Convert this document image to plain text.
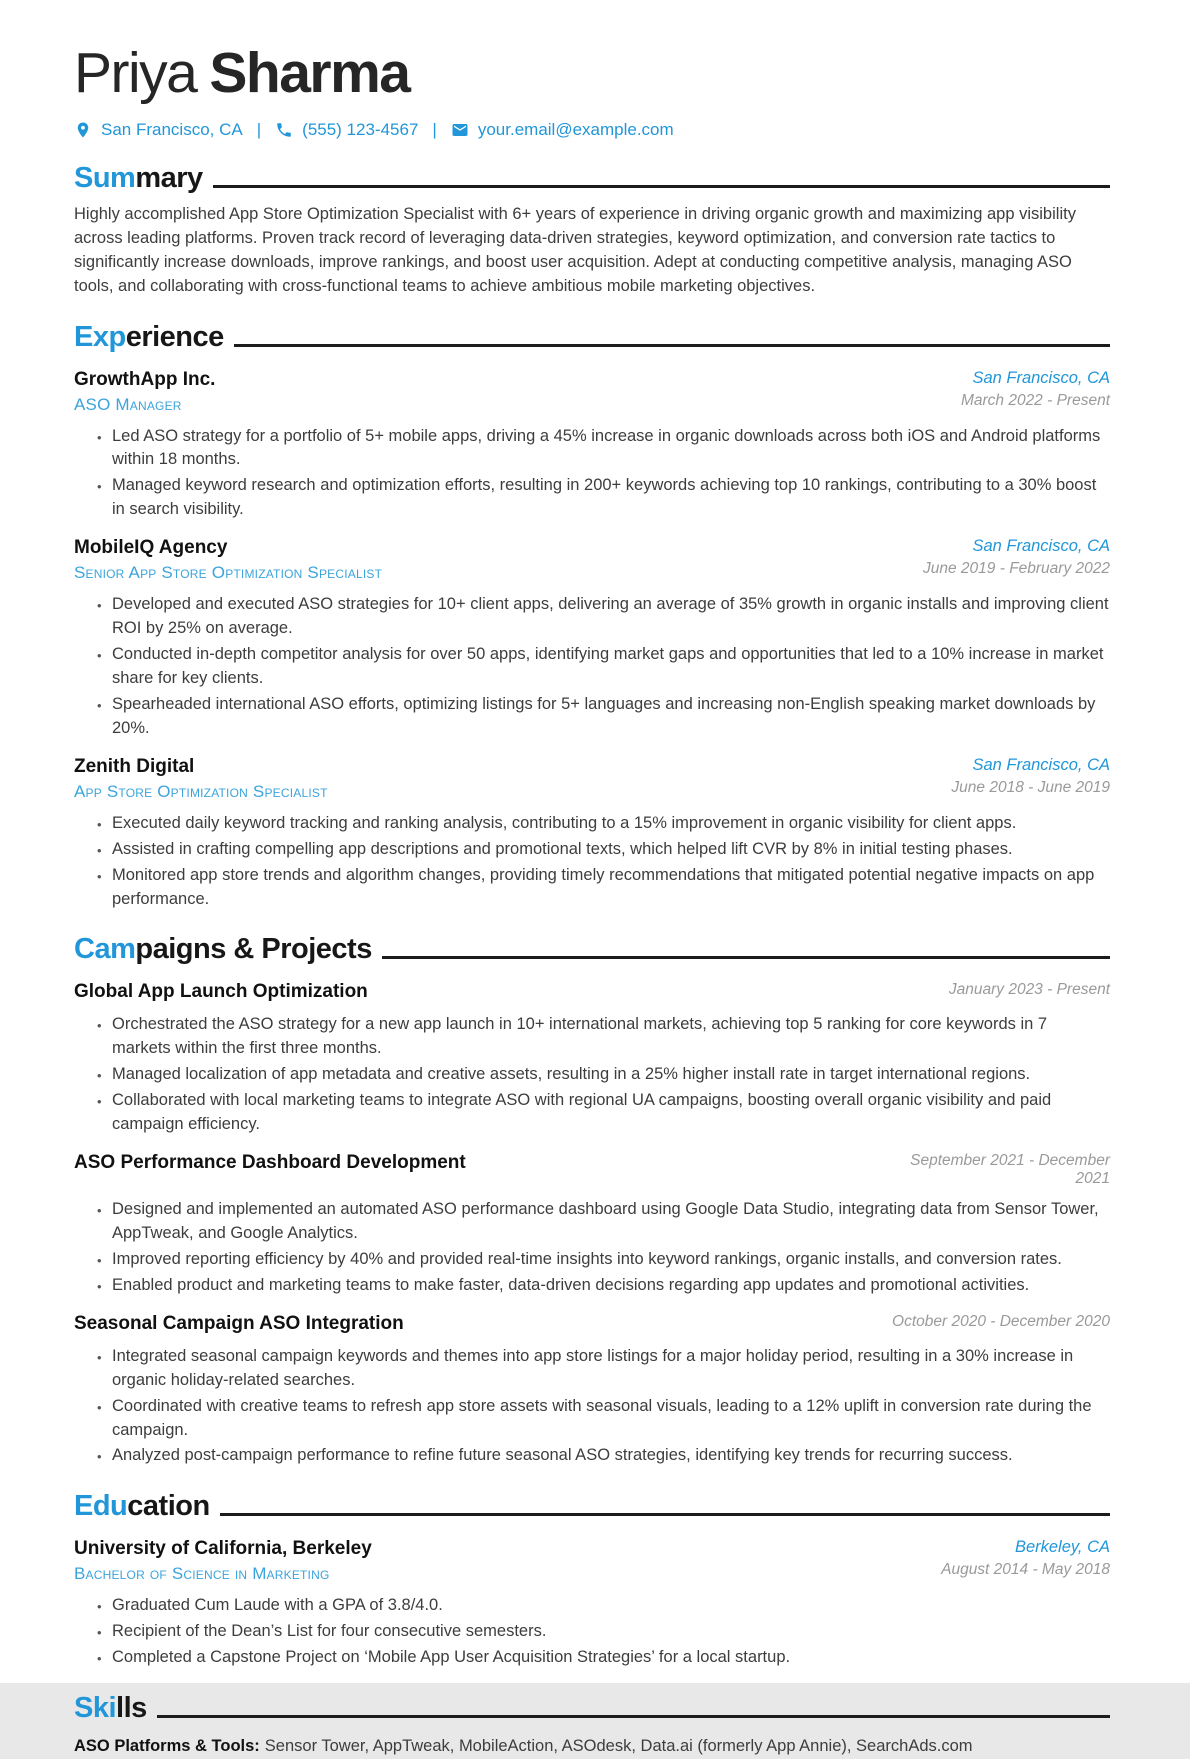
Priya Sharma
San Francisco, CA | (555) 123-4567 | your.email@example.com
Summary

Highly accomplished App Store Optimization Specialist with 6+ years of experience in driving organic growth and maximizing app visibility across leading platforms. Proven track record of leveraging data-driven strategies, keyword optimization, and conversion rate tactics to significantly increase downloads, improve rankings, and boost user acquisition. Adept at conducting competitive analysis, managing ASO tools, and collaborating with cross-functional teams to achieve ambitious mobile marketing objectives.

Experience
GrowthApp Inc.
ASO Manager
San Francisco, CA
March 2022 - Present
• Led ASO strategy for a portfolio of 5+ mobile apps, driving a 45% increase in organic downloads across both iOS and Android platforms within 18 months.
• Managed keyword research and optimization efforts, resulting in 200+ keywords achieving top 10 rankings, contributing to a 30% boost in search visibility.
MobileIQ Agency
Senior App Store Optimization Specialist
San Francisco, CA
June 2019 - February 2022
• Developed and executed ASO strategies for 10+ client apps, delivering an average of 35% growth in organic installs and improving client ROI by 25% on average.
• Conducted in-depth competitor analysis for over 50 apps, identifying market gaps and opportunities that led to a 10% increase in market share for key clients.
• Spearheaded international ASO efforts, optimizing listings for 5+ languages and increasing non-English speaking market downloads by 20%.
Zenith Digital
App Store Optimization Specialist
San Francisco, CA
June 2018 - June 2019
• Executed daily keyword tracking and ranking analysis, contributing to a 15% improvement in organic visibility for client apps.
• Assisted in crafting compelling app descriptions and promotional texts, which helped lift CVR by 8% in initial testing phases.
• Monitored app store trends and algorithm changes, providing timely recommendations that mitigated potential negative impacts on app performance.
Campaigns & Projects
Global App Launch Optimization	January 2023 - Present
• Orchestrated the ASO strategy for a new app launch in 10+ international markets, achieving top 5 ranking for core keywords in 7 markets within the first three months.
• Managed localization of app metadata and creative assets, resulting in a 25% higher install rate in target international regions.
• Collaborated with local marketing teams to integrate ASO with regional UA campaigns, boosting overall organic visibility and paid campaign efficiency.
ASO Performance Dashboard Development	September 2021 - December 2021
• Designed and implemented an automated ASO performance dashboard using Google Data Studio, integrating data from Sensor Tower, AppTweak, and Google Analytics.
• Improved reporting efficiency by 40% and provided real-time insights into keyword rankings, organic installs, and conversion rates.
• Enabled product and marketing teams to make faster, data-driven decisions regarding app updates and promotional activities.
Seasonal Campaign ASO Integration	October 2020 - December 2020
• Integrated seasonal campaign keywords and themes into app store listings for a major holiday period, resulting in a 30% increase in organic holiday-related searches.
• Coordinated with creative teams to refresh app store assets with seasonal visuals, leading to a 12% uplift in conversion rate during the campaign.
• Analyzed post-campaign performance to refine future seasonal ASO strategies, identifying key trends for recurring success.
Education
University of California, Berkeley
Bachelor of Science in Marketing
Berkeley, CA
August 2014 - May 2018
• Graduated Cum Laude with a GPA of 3.8/4.0.
• Recipient of the Dean’s List for four consecutive semesters.
• Completed a Capstone Project on ‘Mobile App User Acquisition Strategies’ for a local startup.
Skills

ASO Platforms & Tools: Sensor Tower, AppTweak, MobileAction, ASOdesk, Data.ai (formerly App Annie), SearchAds.com
